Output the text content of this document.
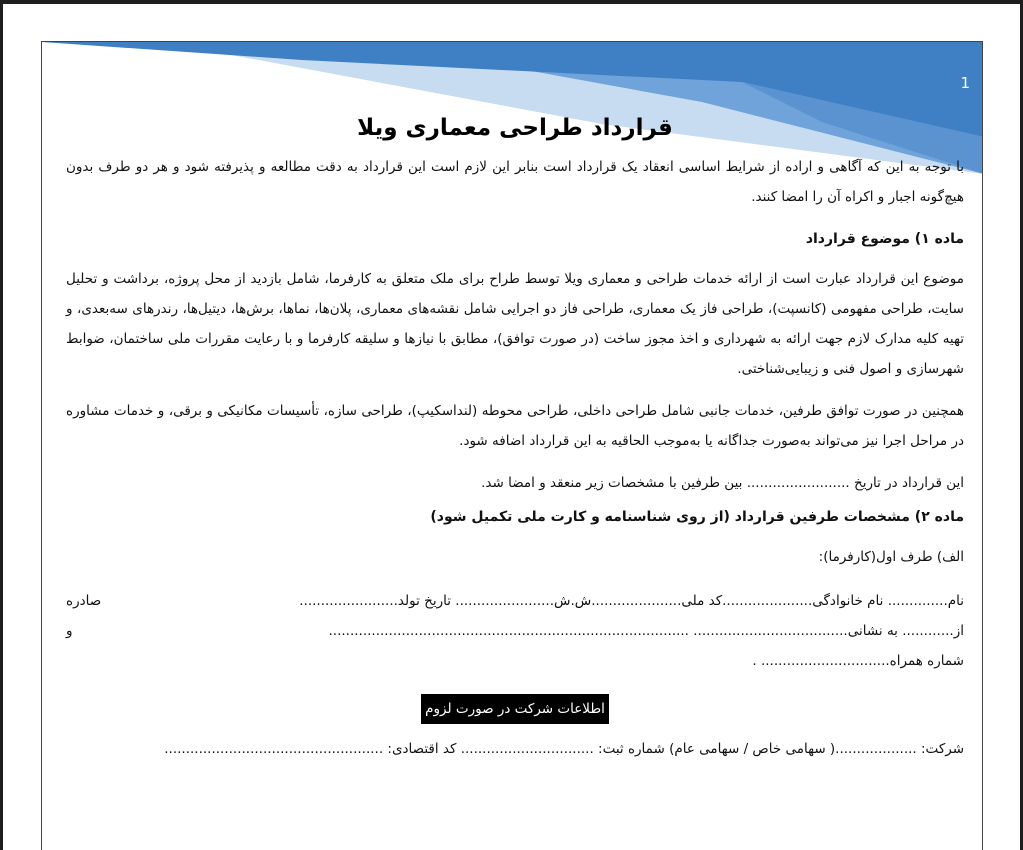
1
قرارداد طراحی معماری ویلا

با توجه به این که آگاهی و اراده از شرایط اساسی انعقاد یک قرارداد است بنابر این لازم است این قرارداد به دقت مطالعه و پذیرفته شود و هر دو طرف بدون هیچ‌گونه اجبار و اکراه آن را امضا کنند.

ماده ۱) موضوع قرارداد

موضوع این قرارداد عبارت است از ارائه خدمات طراحی و معماری ویلا توسط طراح برای ملک متعلق به کارفرما، شامل بازدید از محل پروژه، برداشت و تحلیل سایت، طراحی مفهومی (کانسپت)، طراحی فاز یک معماری، طراحی فاز دو اجرایی شامل نقشه‌های معماری، پلان‌ها، نماها، برش‌ها، دیتیل‌ها، رندرهای سه‌بعدی، و تهیه کلیه مدارک لازم جهت ارائه به شهرداری و اخذ مجوز ساخت (در صورت توافق)، مطابق با نیازها و سلیقه کارفرما و با رعایت مقررات ملی ساختمان، ضوابط شهرسازی و اصول فنی و زیبایی‌شناختی.

همچنین در صورت توافق طرفین، خدمات جانبی شامل طراحی داخلی، طراحی محوطه (لنداسکیپ)، طراحی سازه، تأسیسات مکانیکی و برقی، و خدمات مشاوره در مراحل اجرا نیز می‌تواند به‌صورت جداگانه یا به‌موجب الحاقیه به این قرارداد اضافه شود.

این قرارداد در تاریخ ........................ بین طرفین با مشخصات زیر منعقد و امضا شد.

ماده ۲) مشخصات طرفین قرارداد (از روی شناسنامه و کارت ملی تکمیل شود)

الف) طرف اول(کارفرما):

نام.............. نام خانوادگی.....................کد ملی.....................ش.ش....................... تاریخ تولد.......................
صادره

از............ به نشانی.................................... ....................................................................................
و

شماره همراه.............................. .

اطلاعات شرکت در صورت لزوم

شرکت: ...................( سهامی خاص / سهامی عام) شماره ثبت: ............................... کد اقتصادی: ...................................................
